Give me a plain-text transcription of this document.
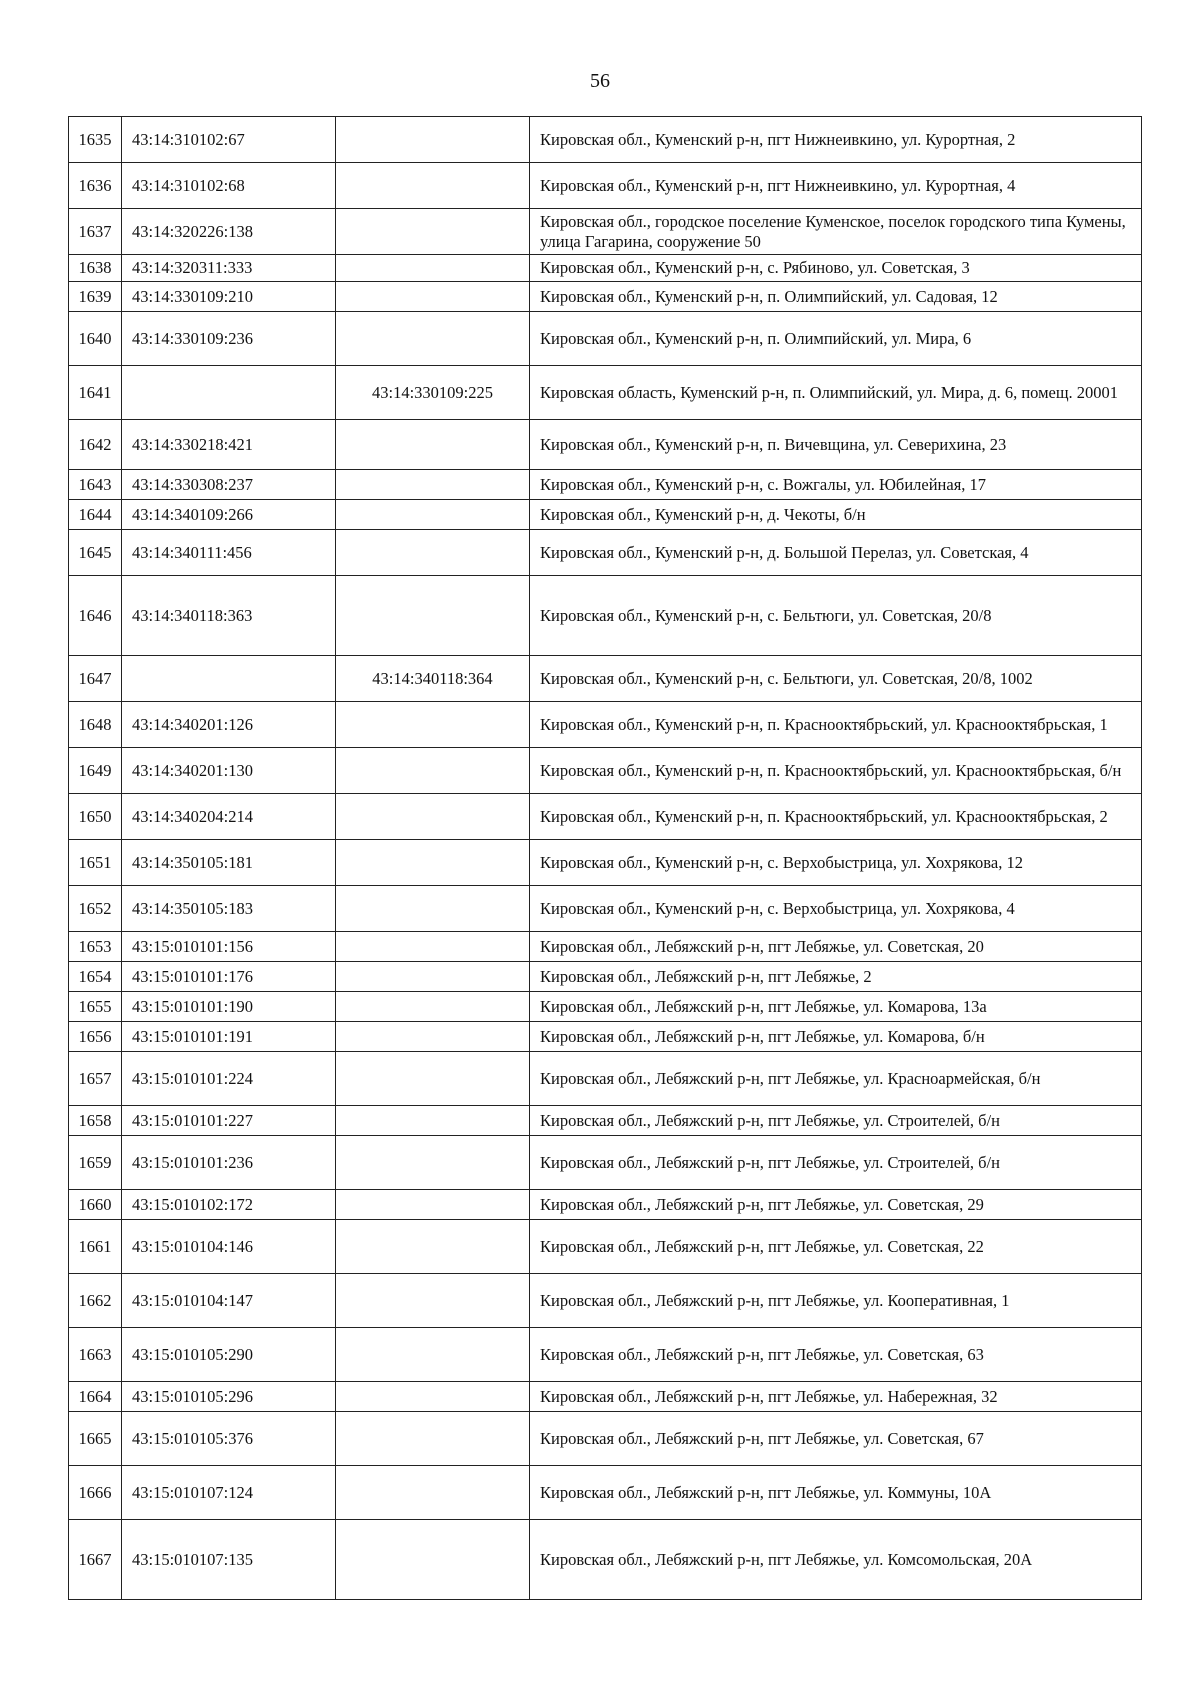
56
1635	43:14:310102:67		Кировская обл., Куменский р-н, пгт Нижнеивкино, ул. Курортная, 2
1636	43:14:310102:68		Кировская обл., Куменский р-н, пгт Нижнеивкино, ул. Курортная, 4
1637	43:14:320226:138		Кировская обл., городское поселение Куменское, поселок городского типа Кумены, улица Гагарина, сооружение 50
1638	43:14:320311:333		Кировская обл., Куменский р-н, с. Рябиново, ул. Советская, 3
1639	43:14:330109:210		Кировская обл., Куменский р-н, п. Олимпийский, ул. Садовая, 12
1640	43:14:330109:236		Кировская обл., Куменский р-н, п. Олимпийский, ул. Мира, 6
1641		43:14:330109:225	Кировская область, Куменский р-н, п. Олимпийский, ул. Мира, д. 6, помещ. 20001
1642	43:14:330218:421		Кировская обл., Куменский р-н, п. Вичевщина, ул. Северихина, 23
1643	43:14:330308:237		Кировская обл., Куменский р-н, с. Вожгалы, ул. Юбилейная, 17
1644	43:14:340109:266		Кировская обл., Куменский р-н, д. Чекоты, б/н
1645	43:14:340111:456		Кировская обл., Куменский р-н, д. Большой Перелаз, ул. Советская, 4
1646	43:14:340118:363		Кировская обл., Куменский р-н, с. Бельтюги, ул. Советская, 20/8
1647		43:14:340118:364	Кировская обл., Куменский р-н, с. Бельтюги, ул. Советская, 20/8, 1002
1648	43:14:340201:126		Кировская обл., Куменский р-н, п. Краснооктябрьский, ул. Краснооктябрьская, 1
1649	43:14:340201:130		Кировская обл., Куменский р-н, п. Краснооктябрьский, ул. Краснооктябрьская, б/н
1650	43:14:340204:214		Кировская обл., Куменский р-н, п. Краснооктябрьский, ул. Краснооктябрьская, 2
1651	43:14:350105:181		Кировская обл., Куменский р-н, с. Верхобыстрица, ул. Хохрякова, 12
1652	43:14:350105:183		Кировская обл., Куменский р-н, с. Верхобыстрица, ул. Хохрякова, 4
1653	43:15:010101:156		Кировская обл., Лебяжский р-н, пгт Лебяжье, ул. Советская, 20
1654	43:15:010101:176		Кировская обл., Лебяжский р-н, пгт Лебяжье, 2
1655	43:15:010101:190		Кировская обл., Лебяжский р-н, пгт Лебяжье, ул. Комарова, 13а
1656	43:15:010101:191		Кировская обл., Лебяжский р-н, пгт Лебяжье, ул. Комарова, б/н
1657	43:15:010101:224		Кировская обл., Лебяжский р-н, пгт Лебяжье, ул. Красноармейская, б/н
1658	43:15:010101:227		Кировская обл., Лебяжский р-н, пгт Лебяжье, ул. Строителей, б/н
1659	43:15:010101:236		Кировская обл., Лебяжский р-н, пгт Лебяжье, ул. Строителей, б/н
1660	43:15:010102:172		Кировская обл., Лебяжский р-н, пгт Лебяжье, ул. Советская, 29
1661	43:15:010104:146		Кировская обл., Лебяжский р-н, пгт Лебяжье, ул. Советская, 22
1662	43:15:010104:147		Кировская обл., Лебяжский р-н, пгт Лебяжье, ул. Кооперативная, 1
1663	43:15:010105:290		Кировская обл., Лебяжский р-н, пгт Лебяжье, ул. Советская, 63
1664	43:15:010105:296		Кировская обл., Лебяжский р-н, пгт Лебяжье, ул. Набережная, 32
1665	43:15:010105:376		Кировская обл., Лебяжский р-н, пгт Лебяжье, ул. Советская, 67
1666	43:15:010107:124		Кировская обл., Лебяжский р-н, пгт Лебяжье, ул. Коммуны, 10А
1667	43:15:010107:135		Кировская обл., Лебяжский р-н, пгт Лебяжье, ул. Комсомольская, 20А
